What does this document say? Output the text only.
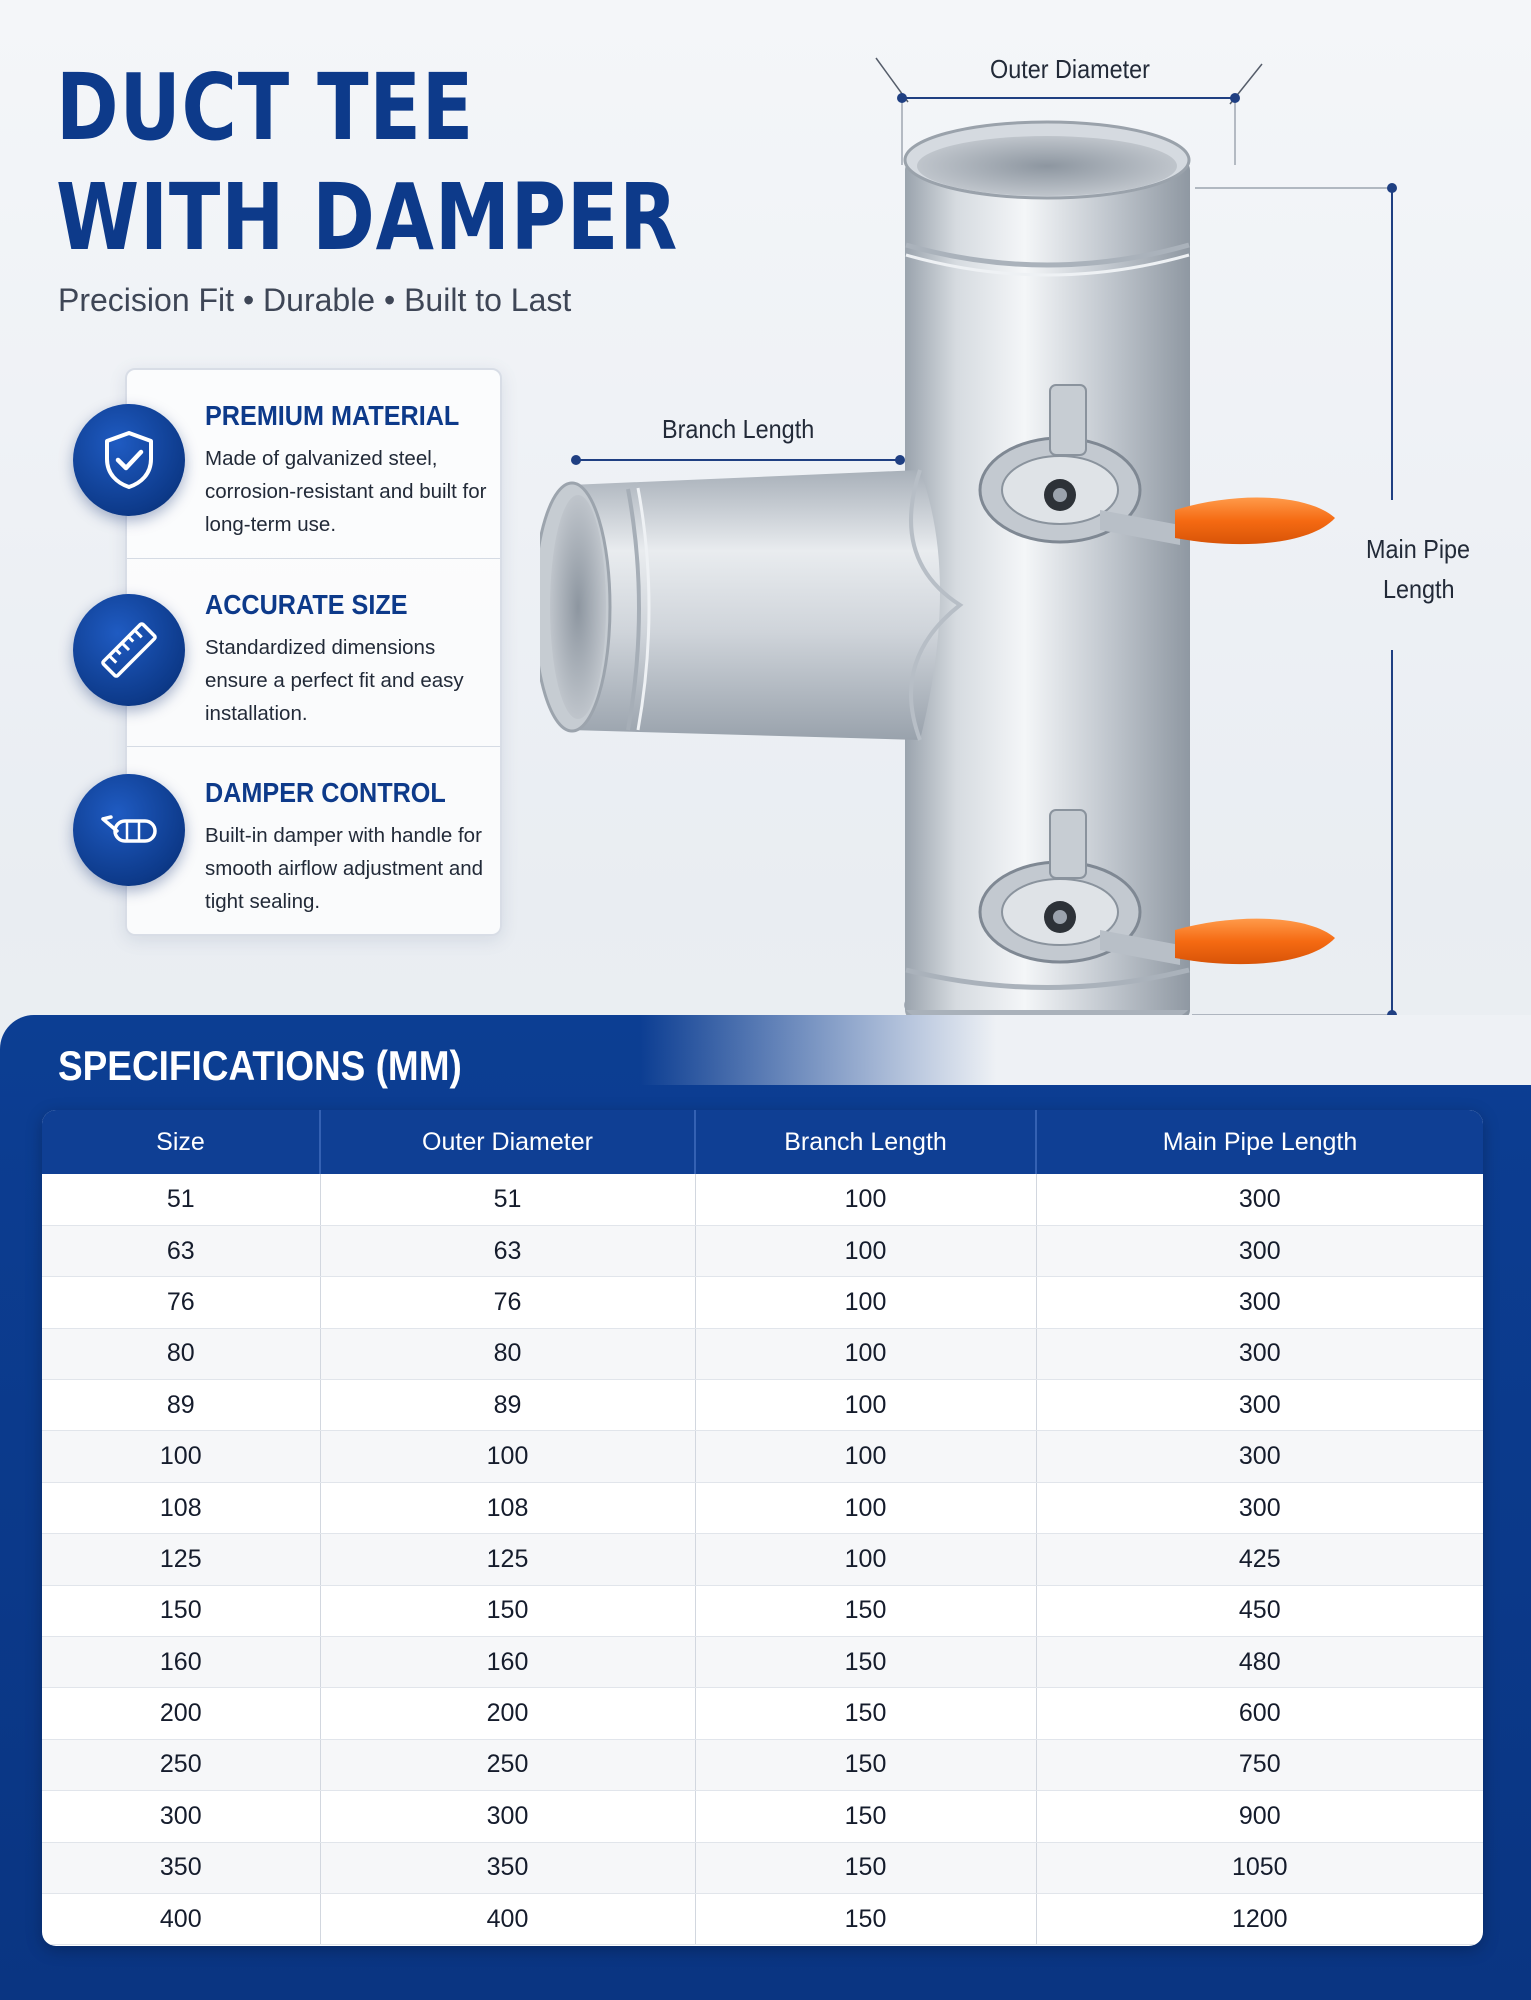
DUCT TEE
WITH DAMPER
Precision Fit • Durable • Built to Last
PREMIUM MATERIAL
Made of galvanized steel, corrosion-resistant and built for long-term use.
ACCURATE SIZE
Standardized dimensions ensure a perfect fit and easy installation.
DAMPER CONTROL
Built-in damper with handle for smooth airflow adjustment and tight sealing.
Outer Diameter
Branch Length
Main Pipe
Length
SPECIFICATIONS (MM)
Size	Outer Diameter	Branch Length	Main Pipe Length
51	51	100	300
63	63	100	300
76	76	100	300
80	80	100	300
89	89	100	300
100	100	100	300
108	108	100	300
125	125	100	425
150	150	150	450
160	160	150	480
200	200	150	600
250	250	150	750
300	300	150	900
350	350	150	1050
400	400	150	1200
